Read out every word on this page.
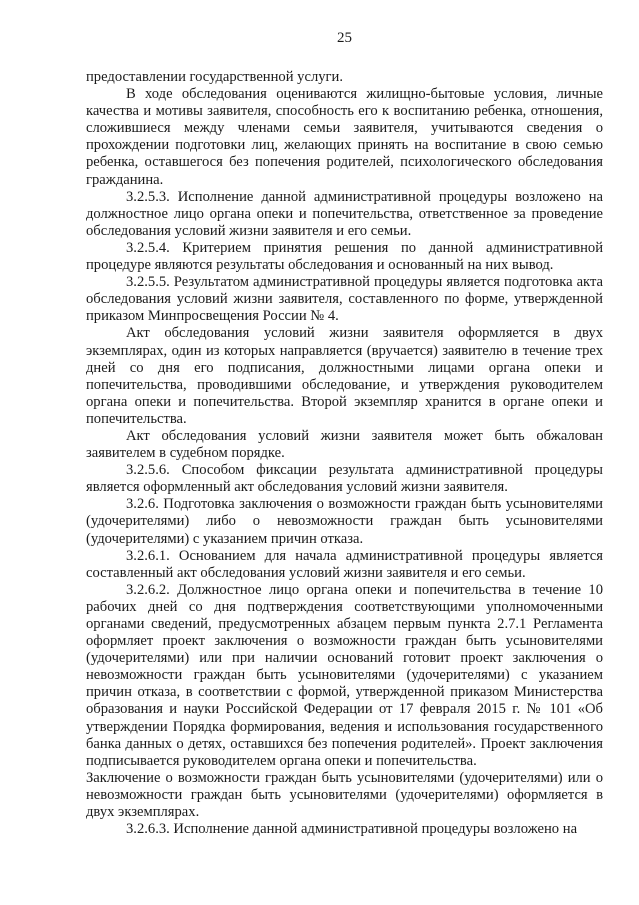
25

предоставлении государственной услуги.

В ходе обследования оцениваются жилищно-бытовые условия, личные качества и мотивы заявителя, способность его к воспитанию ребенка, отношения, сложившиеся между членами семьи заявителя, учитываются сведения о прохождении подготовки лиц, желающих принять на воспитание в свою семью ребенка, оставшегося без попечения родителей, психологического обследования гражданина.

3.2.5.3. Исполнение данной административной процедуры возложено на должностное лицо органа опеки и попечительства, ответственное за проведение обследования условий жизни заявителя и его семьи.

3.2.5.4. Критерием принятия решения по данной административной процедуре являются результаты обследования и основанный на них вывод.

3.2.5.5. Результатом административной процедуры является подготовка акта обследования условий жизни заявителя, составленного по форме, утвержденной приказом Минпросвещения России № 4.

Акт обследования условий жизни заявителя оформляется в двух экземплярах, один из которых направляется (вручается) заявителю в течение трех дней со дня его подписания, должностными лицами органа опеки и попечительства, проводившими обследование, и утверждения руководителем органа опеки и попечительства. Второй экземпляр хранится в органе опеки и попечительства.

Акт обследования условий жизни заявителя может быть обжалован заявителем в судебном порядке.

3.2.5.6. Способом фиксации результата административной процедуры является оформленный акт обследования условий жизни заявителя.

3.2.6. Подготовка заключения о возможности граждан быть усыновителями (удочерителями) либо о невозможности граждан быть усыновителями (удочерителями) с указанием причин отказа.

3.2.6.1. Основанием для начала административной процедуры является составленный акт обследования условий жизни заявителя и его семьи.

3.2.6.2. Должностное лицо органа опеки и попечительства в течение 10 рабочих дней со дня подтверждения соответствующими уполномоченными органами сведений, предусмотренных абзацем первым пункта 2.7.1 Регламента оформляет проект заключения о возможности граждан быть усыновителями (удочерителями) или при наличии оснований готовит проект заключения о невозможности граждан быть усыновителями (удочерителями) с указанием причин отказа, в соответствии с формой, утвержденной приказом Министерства образования и науки Российской Федерации от 17 февраля 2015 г. № 101 «Об утверждении Порядка формирования, ведения и использования государственного банка данных о детях, оставшихся без попечения родителей». Проект заключения подписывается руководителем органа опеки и попечительства.

Заключение о возможности граждан быть усыновителями (удочерителями) или о невозможности граждан быть усыновителями (удочерителями) оформляется в двух экземплярах.

3.2.6.3. Исполнение данной административной процедуры возложено на
